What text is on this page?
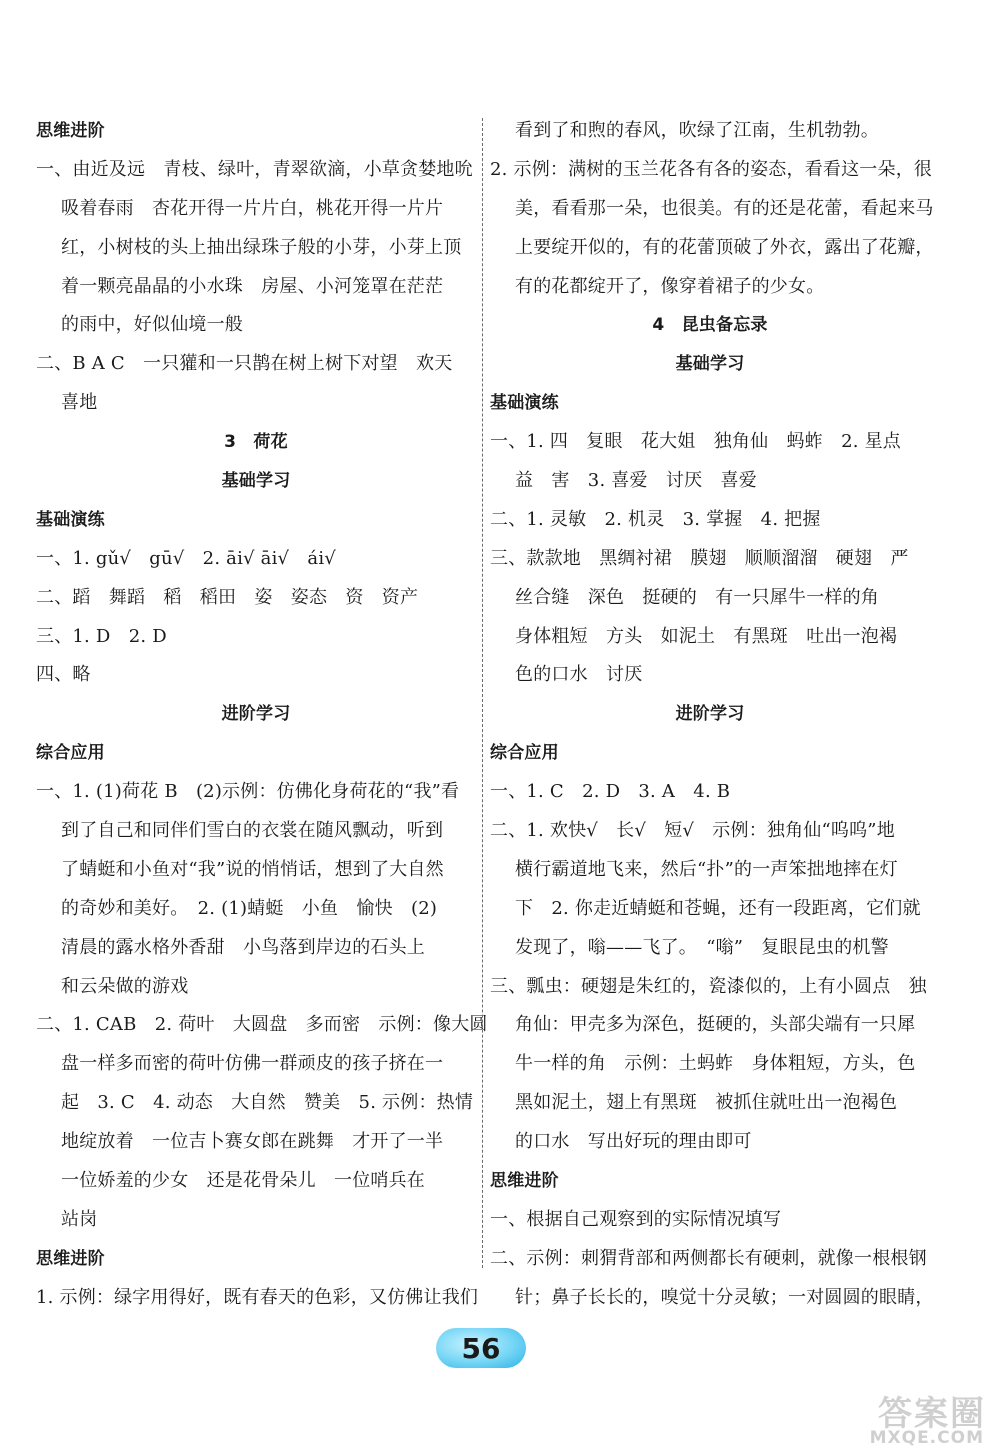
思维进阶
一、由近及远　青枝、绿叶，青翠欲滴，小草贪婪地吮
吸着春雨　杏花开得一片片白，桃花开得一片片
红，小树枝的头上抽出绿珠子般的小芽，小芽上顶
着一颗亮晶晶的小水珠　房屋、小河笼罩在茫茫
的雨中，好似仙境一般
二、B A C　一只獾和一只鹊在树上树下对望　欢天
喜地
3　荷花
基础学习
基础演练
一、1. gǔ√　gū√　2. āi√ āi√　ái√
二、蹈　舞蹈　稻　稻田　姿　姿态　资　资产
三、1. D　2. D
四、略
进阶学习
综合应用
一、1. (1)荷花 B　(2)示例：仿佛化身荷花的“我”看
到了自己和同伴们雪白的衣裳在随风飘动，听到
了蜻蜓和小鱼对“我”说的悄悄话，想到了大自然
的奇妙和美好。　2. (1)蜻蜓　小鱼　愉快　(2)
清晨的露水格外香甜　小鸟落到岸边的石头上
和云朵做的游戏
二、1. CAB　2. 荷叶　大圆盘　多而密　示例：像大圆
盘一样多而密的荷叶仿佛一群顽皮的孩子挤在一
起　3. C　4. 动态　大自然　赞美　5. 示例：热情
地绽放着　一位吉卜赛女郎在跳舞　才开了一半
一位娇羞的少女　还是花骨朵儿　一位哨兵在
站岗
思维进阶
1. 示例：绿字用得好，既有春天的色彩，又仿佛让我们
看到了和煦的春风，吹绿了江南，生机勃勃。
2. 示例：满树的玉兰花各有各的姿态，看看这一朵，很
美，看看那一朵，也很美。有的还是花蕾，看起来马
上要绽开似的，有的花蕾顶破了外衣，露出了花瓣，
有的花都绽开了，像穿着裙子的少女。
4　昆虫备忘录
基础学习
基础演练
一、1. 四　复眼　花大姐　独角仙　蚂蚱　2. 星点
益　害　3. 喜爱　讨厌　喜爱
二、1. 灵敏　2. 机灵　3. 掌握　4. 把握
三、款款地　黑绸衬裙　膜翅　顺顺溜溜　硬翅　严
丝合缝　深色　挺硬的　有一只犀牛一样的角
身体粗短　方头　如泥土　有黑斑　吐出一泡褐
色的口水　讨厌
进阶学习
综合应用
一、1. C　2. D　3. A　4. B
二、1. 欢快√　长√　短√　示例：独角仙“呜呜”地
横行霸道地飞来，然后“扑”的一声笨拙地摔在灯
下　2. 你走近蜻蜓和苍蝇，还有一段距离，它们就
发现了，嗡——飞了。　“嗡”　复眼昆虫的机警
三、瓢虫：硬翅是朱红的，瓷漆似的，上有小圆点　独
角仙：甲壳多为深色，挺硬的，头部尖端有一只犀
牛一样的角　示例：土蚂蚱　身体粗短，方头，色
黑如泥土，翅上有黑斑　被抓住就吐出一泡褐色
的口水　写出好玩的理由即可
思维进阶
一、根据自己观察到的实际情况填写
二、示例：刺猬背部和两侧都长有硬刺，就像一根根钢
针；鼻子长长的，嗅觉十分灵敏；一对圆圆的眼睛，
56
答案圈
MXQE.COM
